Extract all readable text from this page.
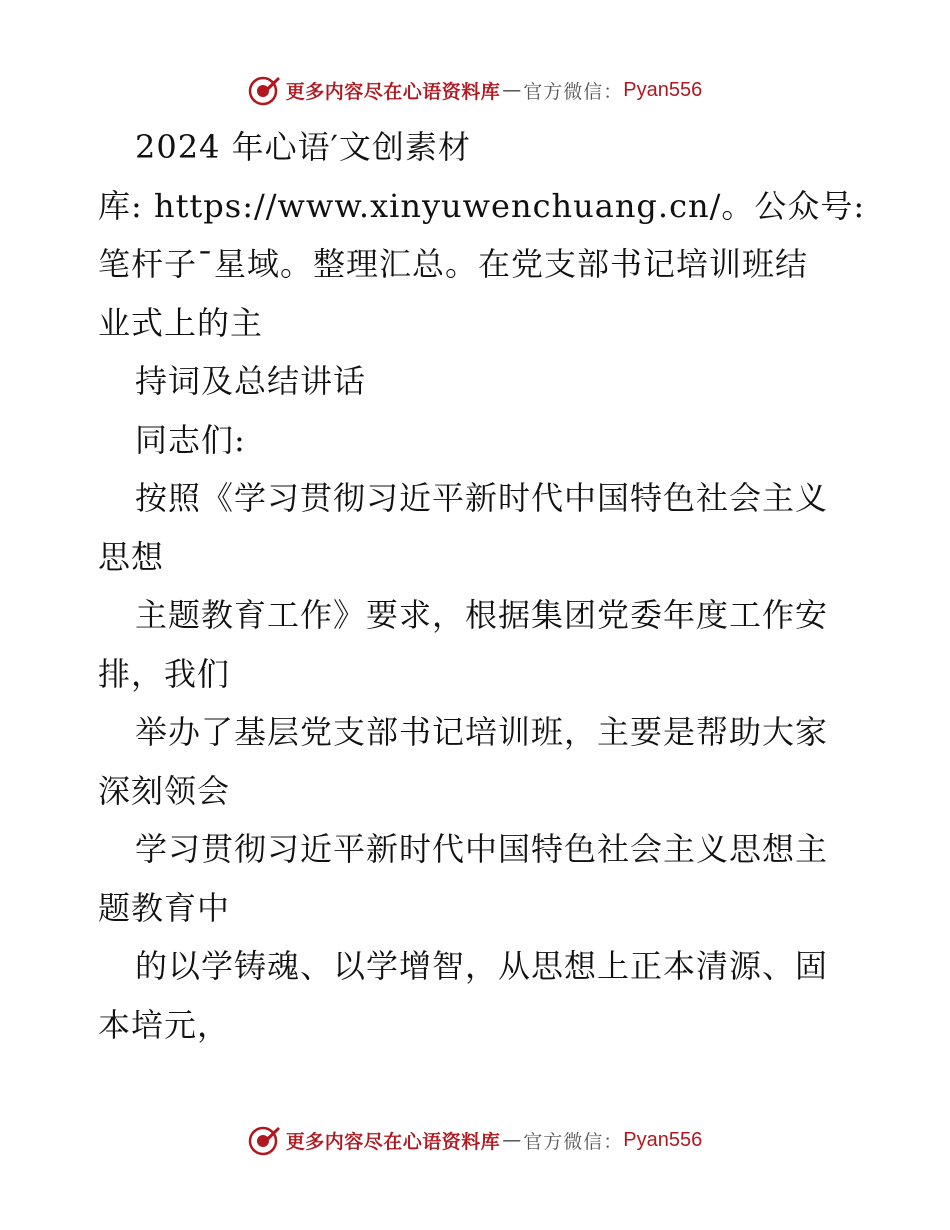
更多内容尽在心语资料库 — 官方微信： Pyan556
2024 年心语′文创素材
库: https://www.xinyuwenchuang.cn/。公众号:
笔杆子¯星域。整理汇总。在党支部书记培训班结
业式上的主
持词及总结讲话
同志们:
按照《学习贯彻习近平新时代中国特色社会主义
思想
主题教育工作》要求，根据集团党委年度工作安
排，我们
举办了基层党支部书记培训班，主要是帮助大家
深刻领会
学习贯彻习近平新时代中国特色社会主义思想主
题教育中
的以学铸魂、以学增智，从思想上正本清源、固
本培元，
更多内容尽在心语资料库 — 官方微信： Pyan556
